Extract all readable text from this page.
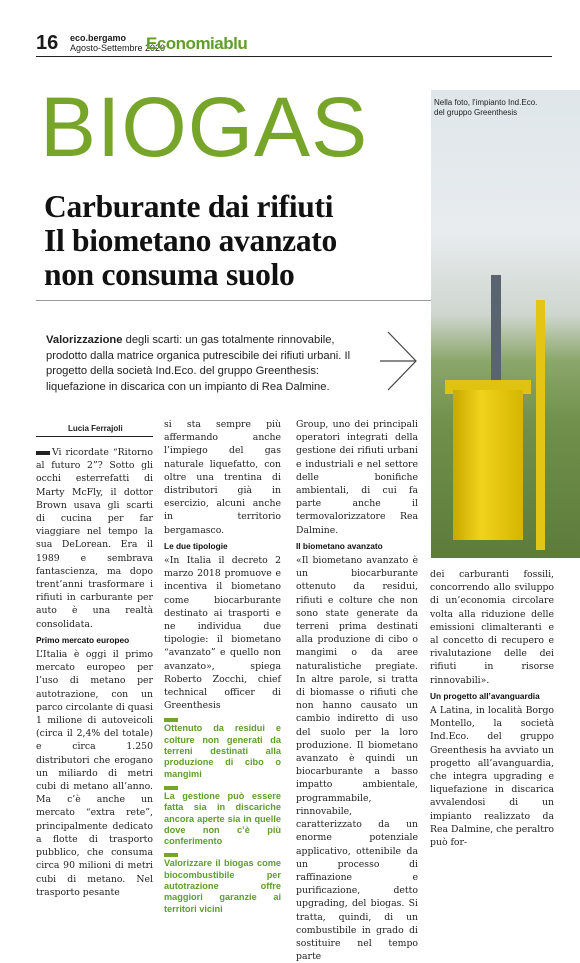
16 eco.bergamo
Agosto-Settembre 2020
Economiablu
Nella foto, l'impianto Ind.Eco.
del gruppo Greenthesis
BIOGAS
Carburante dai rifiuti
Il biometano avanzato
non consuma suolo
Valorizzazione degli scarti: un gas totalmente rinnovabile, prodotto dalla matrice organica putrescibile dei rifiuti urbani. Il progetto della società Ind.Eco. del gruppo Greenthesis: liquefazione in discarica con un impianto di Rea Dalmine.
Lucia Ferrajoli

Vi ricordate “Ritorno al futuro 2”? Sotto gli occhi esterrefatti di Marty McFly, il dottor Brown usava gli scarti di cucina per far viaggiare nel tempo la sua DeLorean. Era il 1989 e sembrava fantascienza, ma dopo trent’anni trasformare i rifiuti in carburante per auto è una realtà consolidata.

Primo mercato europeo

L’Italia è oggi il primo mercato europeo per l’uso di metano per autotrazione, con un parco circolante di quasi 1 milione di autoveicoli (circa il 2,4% del totale) e circa 1.250 distributori che erogano un miliardo di metri cubi di metano all’anno. Ma c’è anche un mercato “extra rete”, principalmente dedicato a flotte di trasporto pubblico, che consuma circa 90 milioni di metri cubi di metano. Nel trasporto pesante

si sta sempre più affermando anche l’impiego del gas naturale liquefatto, con oltre una trentina di distributori già in esercizio, alcuni anche in territorio bergamasco.

Le due tipologie

«In Italia il decreto 2 marzo 2018 promuove e incentiva il biometano come biocarburante destinato ai trasporti e ne individua due tipologie: il biometano “avanzato” e quello non avanzato», spiega Roberto Zocchi, chief technical officer di Greenthesis

Ottenuto da residui e colture non generati da terreni destinati alla produzione di cibo o mangimi
La gestione può essere fatta sia in discariche ancora aperte sia in quelle dove non c’è più conferimento
Valorizzare il biogas come biocombustibile per autotrazione offre maggiori garanzie ai territori vicini

Group, uno dei principali operatori integrati della gestione dei rifiuti urbani e industriali e nel settore delle bonifiche ambientali, di cui fa parte anche il termovalorizzatore Rea Dalmine.

Il biometano avanzato

«Il biometano avanzato è un biocarburante ottenuto da residui, rifiuti e colture che non sono state generate da terreni prima destinati alla produzione di cibo o mangimi o da aree naturalistiche pregiate. In altre parole, si tratta di biomasse o rifiuti che non hanno causato un cambio indiretto di uso del suolo per la loro produzione. Il biometano avanzato è quindi un biocarburante a basso impatto ambientale, programmabile, rinnovabile, caratterizzato da un enorme potenziale applicativo, ottenibile da un processo di raffinazione e purificazione, detto upgrading, del biogas. Si tratta, quindi, di un combustibile in grado di sostituire nel tempo parte

dei carburanti fossili, concorrendo allo sviluppo di un’economia circolare volta alla riduzione delle emissioni climalteranti e al concetto di recupero e rivalutazione delle dei rifiuti in risorse rinnovabili».

Un progetto all’avanguardia

A Latina, in località Borgo Montello, la società Ind.Eco. del gruppo Greenthesis ha avviato un progetto all’avanguardia, che integra upgrading e liquefazione in discarica avvalendosi di un impianto realizzato da Rea Dalmine, che peraltro può for-
